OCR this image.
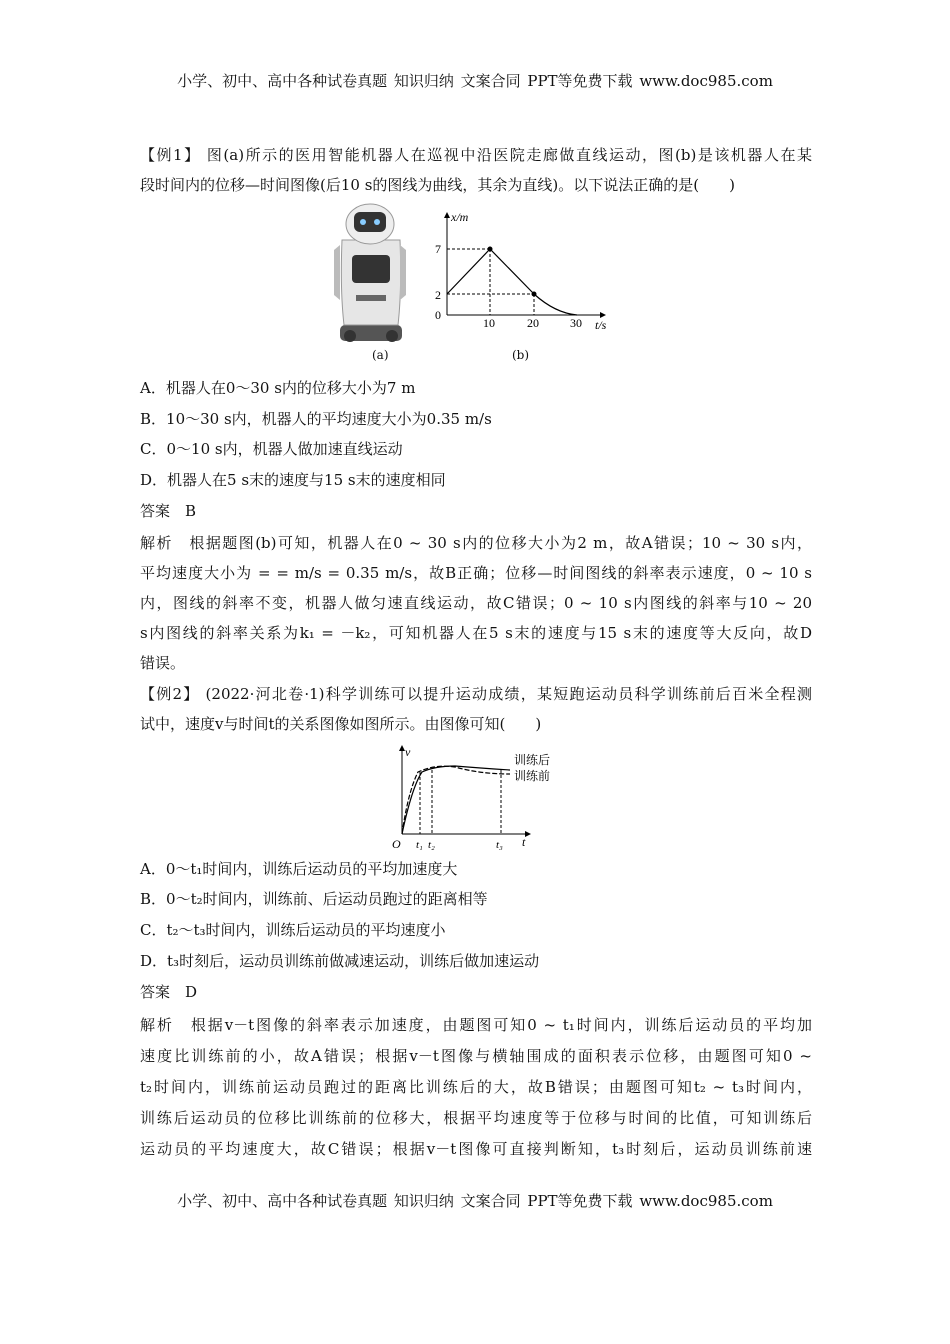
小学、初中、高中各种试卷真题 知识归纳 文案合同 PPT等免费下载 www.doc985.com
【例1】 图(a)所示的医用智能机器人在巡视中沿医院走廊做直线运动，图(b)是该机器人在某
段时间内的位移—时间图像(后10 s的图线为曲线，其余为直线)。以下说法正确的是(　　)
A．机器人在0～30 s内的位移大小为7 m
B．10～30 s内，机器人的平均速度大小为0.35 m/s
C．0～10 s内，机器人做加速直线运动
D．机器人在5 s末的速度与15 s末的速度相同
答案　B
解析　根据题图(b)可知，机器人在0 ~ 30 s内的位移大小为2 m，故A错误；10 ~ 30 s内，
平均速度大小为 = = m/s = 0.35 m/s，故B正确；位移—时间图线的斜率表示速度，0 ~ 10 s
内，图线的斜率不变，机器人做匀速直线运动，故C错误；0 ~ 10 s内图线的斜率与10 ~ 20
s内图线的斜率关系为k₁ = －k₂，可知机器人在5 s末的速度与15 s末的速度等大反向，故D
错误。
(a)
x/m
t/s
7
2
0
10	20	30
(b)
【例2】 (2022·河北卷·1)科学训练可以提升运动成绩，某短跑运动员科学训练前后百米全程测
试中，速度v与时间t的关系图像如图所示。由图像可知(　　)
A．0～t₁时间内，训练后运动员的平均加速度大
B．0～t₂时间内，训练前、后运动员跑过的距离相等
C．t₂～t₃时间内，训练后运动员的平均速度小
D．t₃时刻后，运动员训练前做减速运动，训练后做加速运动
答案　D
解析　根据v－t图像的斜率表示加速度，由题图可知0 ~ t₁时间内，训练后运动员的平均加
速度比训练前的小，故A错误；根据v－t图像与横轴围成的面积表示位移，由题图可知0 ~
t₂时间内，训练前运动员跑过的距离比训练后的大，故B错误；由题图可知t₂ ~ t₃时间内，
训练后运动员的位移比训练前的位移大，根据平均速度等于位移与时间的比值，可知训练后
运动员的平均速度大，故C错误；根据v－t图像可直接判断知，t₃时刻后，运动员训练前速
v
t
O t₁ t₂	t₃
训练后
训练前
小学、初中、高中各种试卷真题 知识归纳 文案合同 PPT等免费下载 www.doc985.com
